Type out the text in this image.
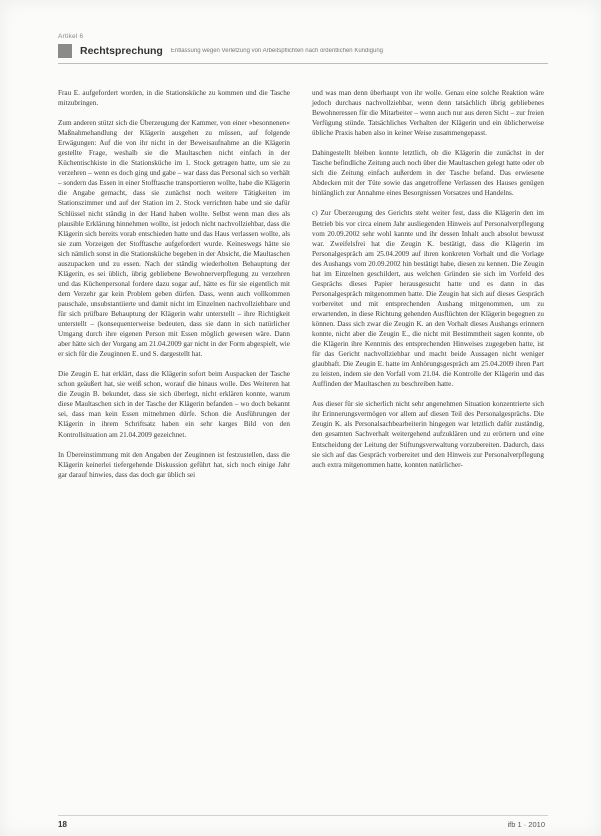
Artikel 6
Rechtsprechung Entlassung wegen Verletzung von Arbeitspflichten nach ordentlichen Kündigung

Frau E. aufgefordert worden, in die Stationsküche zu kommen und die Tasche mitzubringen.

Zum anderen stützt sich die Überzeugung der Kammer, von einer »besonnenen« Maßnahmehandlung der Klägerin ausgehen zu müssen, auf folgende Erwägungen: Auf die von ihr nicht in der Beweisaufnahme an die Klägerin gestellte Frage, weshalb sie die Maultaschen nicht einfach in der Küchentischkiste in die Stationsküche im 1. Stock getragen hatte, um sie zu verzehren – wenn es doch ging und gabe – war dass das Personal sich so verhält – sondern das Essen in einer Stofftasche transportieren wollte, habe die Klägerin die Angabe gemacht, dass sie zunächst noch weitere Tätigkeiten im Stationszimmer und auf der Station im 2. Stock verrichten habe und sie dafür Schlüssel nicht ständig in der Hand haben wollte. Selbst wenn man dies als plausible Erklärung hinnehmen wollte, ist jedoch nicht nachvollziehbar, dass die Klägerin sich bereits vorab entschieden hatte und das Haus verlassen wollte, als sie zum Vorzeigen der Stofftasche aufgefordert wurde. Keineswegs hätte sie sich nämlich sonst in die Stationsküche begeben in der Absicht, die Maultaschen auszupacken und zu essen. Nach der ständig wiederholten Behauptung der Klägerin, es sei üblich, übrig gebliebene Bewohnerverpflegung zu verzehren und das Küchenpersonal fordere dazu sogar auf, hätte es für sie eigentlich mit dem Verzehr gar kein Problem geben dürfen. Dass, wenn auch vollkommen pauschale, unsubstantiierte und damit nicht im Einzelnen nachvollziehbare und für sich prüfbare Behauptung der Klägerin wahr unterstellt – ihre Richtigkeit unterstellt – (konsequenterweise bedeuten, dass sie dann in sich natürlicher Umgang durch ihre eigenen Person mit Essen möglich gewesen wäre. Dann aber hätte sich der Vorgang am 21.04.2009 gar nicht in der Form abgespielt, wie er sich für die Zeuginnen E. und S. dargestellt hat.

Die Zeugin E. hat erklärt, dass die Klägerin sofort beim Auspacken der Tasche schon geäußert hat, sie weiß schon, worauf die hinaus wolle. Des Weiteren hat die Zeugin B. bekundet, dass sie sich überlegt, nicht erklären konnte, warum diese Maultaschen sich in der Tasche der Klägerin befanden – wo doch bekannt sei, dass man kein Essen mitnehmen dürfe. Schon die Ausführungen der Klägerin in ihrem Schriftsatz haben ein sehr karges Bild von den Kontrollsituation am 21.04.2009 gezeichnet.

In Übereinstimmung mit den Angaben der Zeuginnen ist festzustellen, dass die Klägerin keinerlei tiefergehende Diskussion geführt hat, sich noch einige Jahr gar darauf hinwies, dass das doch gar üblich sei

und was man denn überhaupt von ihr wolle. Genau eine solche Reaktion wäre jedoch durchaus nachvollziehbar, wenn denn tatsächlich übrig gebliebenes Bewohneressen für die Mitarbeiter – wenn auch nur aus deren Sicht – zur freien Verfügung stünde. Tatsächliches Verhalten der Klägerin und ein üblicherweise übliche Praxis haben also in keiner Weise zusammengepasst.

Dahingestellt bleiben konnte letztlich, ob die Klägerin die zunächst in der Tasche befindliche Zeitung auch noch über die Maultaschen gelegt hatte oder ob sich die Zeitung einfach außerdem in der Tasche befand. Das erwiesene Abdecken mit der Tüte sowie das angetroffene Verlassen des Hauses genügen hinlänglich zur Annahme eines Besorgnissen Vorsatzes und Handelns.

c) Zur Überzeugung des Gerichts steht weiter fest, dass die Klägerin den im Betrieb bis vor circa einem Jahr ausliegenden Hinweis auf Personalverpflegung vom 20.09.2002 sehr wohl kannte und ihr dessen Inhalt auch absolut bewusst war. Zweifelsfrei hat die Zeugin K. bestätigt, dass die Klägerin im Personalgespräch am 25.04.2009 auf ihren konkreten Vorhalt und die Vorlage des Aushangs vom 20.09.2002 hin bestätigt habe, diesen zu kennen. Die Zeugin hat im Einzelnen geschildert, aus welchen Gründen sie sich im Vorfeld des Gesprächs dieses Papier herausgesucht hatte und es dann in das Personalgespräch mitgenommen hatte. Die Zeugin hat sich auf dieses Gespräch vorbereitet und mit entsprechenden Aushang mitgenommen, um zu erwartenden, in diese Richtung gehenden Ausflüchten der Klägerin begegnen zu können. Dass sich zwar die Zeugin K. an den Vorhalt dieses Aushangs erinnern konnte, nicht aber die Zeugin E., die nicht mit Bestimmtheit sagen konnte, ob die Klägerin ihre Kenntnis des entsprechenden Hinweises zugegeben hatte, ist für das Gericht nachvollziehbar und macht beide Aussagen nicht weniger glaubhaft. Die Zeugin E. hatte im Anhörungsgespräch am 25.04.2009 ihren Part zu leisten, indem sie den Vorfall vom 21.04. die Kontrolle der Klägerin und das Auffinden der Maultaschen zu beschreiben hatte.

Aus dieser für sie sicherlich nicht sehr angenehmen Situation konzentrierte sich ihr Erinnerungsvermögen vor allem auf diesen Teil des Personalgesprächs. Die Zeugin K. als Personalsachbearbeiterin hingegen war letztlich dafür zuständig, den gesamten Sachverhalt weitergehend aufzuklären und zu erörtern und eine Entscheidung der Leitung der Stiftungsverwaltung vorzubereiten. Dadurch, dass sie sich auf das Gespräch vorbereitet und den Hinweis zur Personalverpflegung auch extra mitgenommen hatte, konnten natürlicher-

18	ifb 1 · 2010
